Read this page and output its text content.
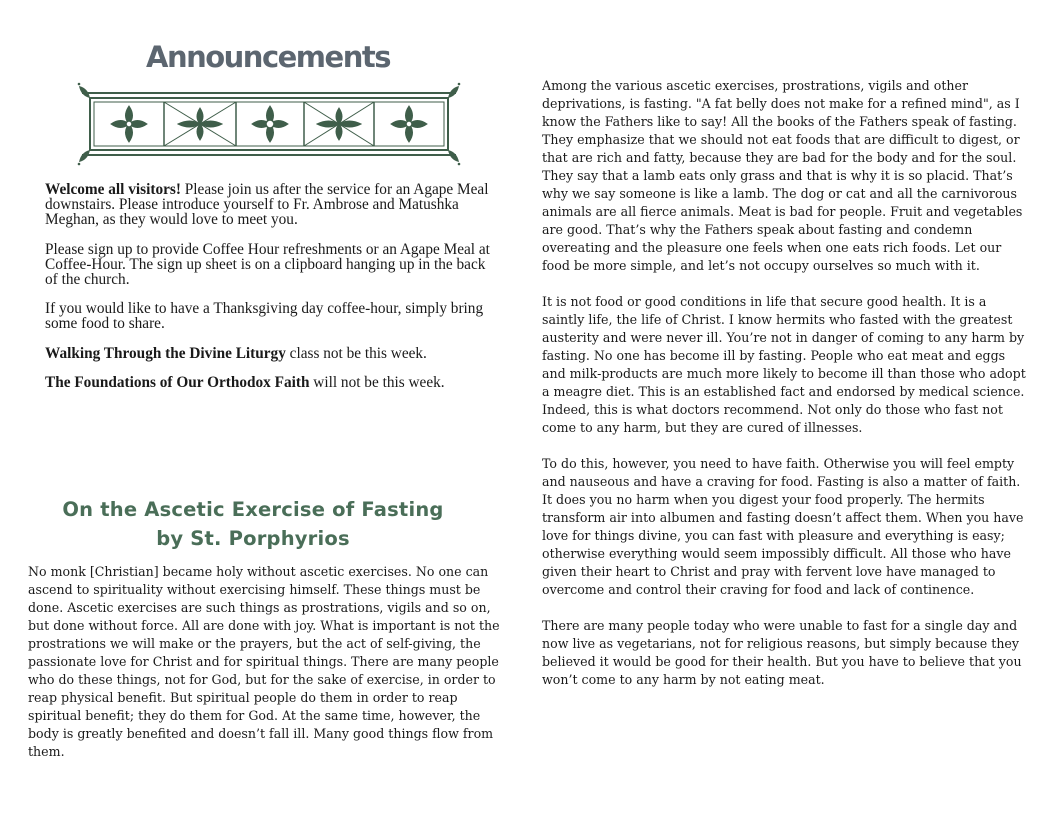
Announcements

Welcome all visitors! Please join us after the service for an Agape Meal downstairs. Please introduce yourself to Fr. Ambrose and Matushka Meghan, as they would love to meet you.

Please sign up to provide Coffee Hour refreshments or an Agape Meal at Coffee-Hour. The sign up sheet is on a clipboard hanging up in the back of the church.

If you would like to have a Thanksgiving day coffee-hour, simply bring some food to share.

Walking Through the Divine Liturgy class not be this week.

The Foundations of Our Orthodox Faith will not be this week.

On the Ascetic Exercise of Fasting
by St. Porphyrios

No monk [Christian] became holy without ascetic exercises. No one can ascend to spirituality without exercising himself. These things must be done. Ascetic exercises are such things as prostrations, vigils and so on, but done without force. All are done with joy. What is important is not the prostrations we will make or the prayers, but the act of self-giving, the passionate love for Christ and for spiritual things. There are many people who do these things, not for God, but for the sake of exercise, in order to reap physical benefit. But spiritual people do them in order to reap spiritual benefit; they do them for God. At the same time, however, the body is greatly benefited and doesn’t fall ill. Many good things flow from them.

Among the various ascetic exercises, prostrations, vigils and other deprivations, is fasting. "A fat belly does not make for a refined mind", as I know the Fathers like to say! All the books of the Fathers speak of fasting. They emphasize that we should not eat foods that are difficult to digest, or that are rich and fatty, because they are bad for the body and for the soul. They say that a lamb eats only grass and that is why it is so placid. That’s why we say someone is like a lamb. The dog or cat and all the carnivorous animals are all fierce animals. Meat is bad for people. Fruit and vegetables are good. That’s why the Fathers speak about fasting and condemn overeating and the pleasure one feels when one eats rich foods. Let our food be more simple, and let’s not occupy ourselves so much with it.

It is not food or good conditions in life that secure good health. It is a saintly life, the life of Christ. I know hermits who fasted with the greatest austerity and were never ill. You’re not in danger of coming to any harm by fasting. No one has become ill by fasting. People who eat meat and eggs and milk-products are much more likely to become ill than those who adopt a meagre diet. This is an established fact and endorsed by medical science. Indeed, this is what doctors recommend. Not only do those who fast not come to any harm, but they are cured of illnesses.

To do this, however, you need to have faith. Otherwise you will feel empty and nauseous and have a craving for food. Fasting is also a matter of faith. It does you no harm when you digest your food properly. The hermits transform air into albumen and fasting doesn’t affect them. When you have love for things divine, you can fast with pleasure and everything is easy; otherwise everything would seem impossibly difficult. All those who have given their heart to Christ and pray with fervent love have managed to overcome and control their craving for food and lack of continence.

There are many people today who were unable to fast for a single day and now live as vegetarians, not for religious reasons, but simply because they believed it would be good for their health. But you have to believe that you won’t come to any harm by not eating meat.
